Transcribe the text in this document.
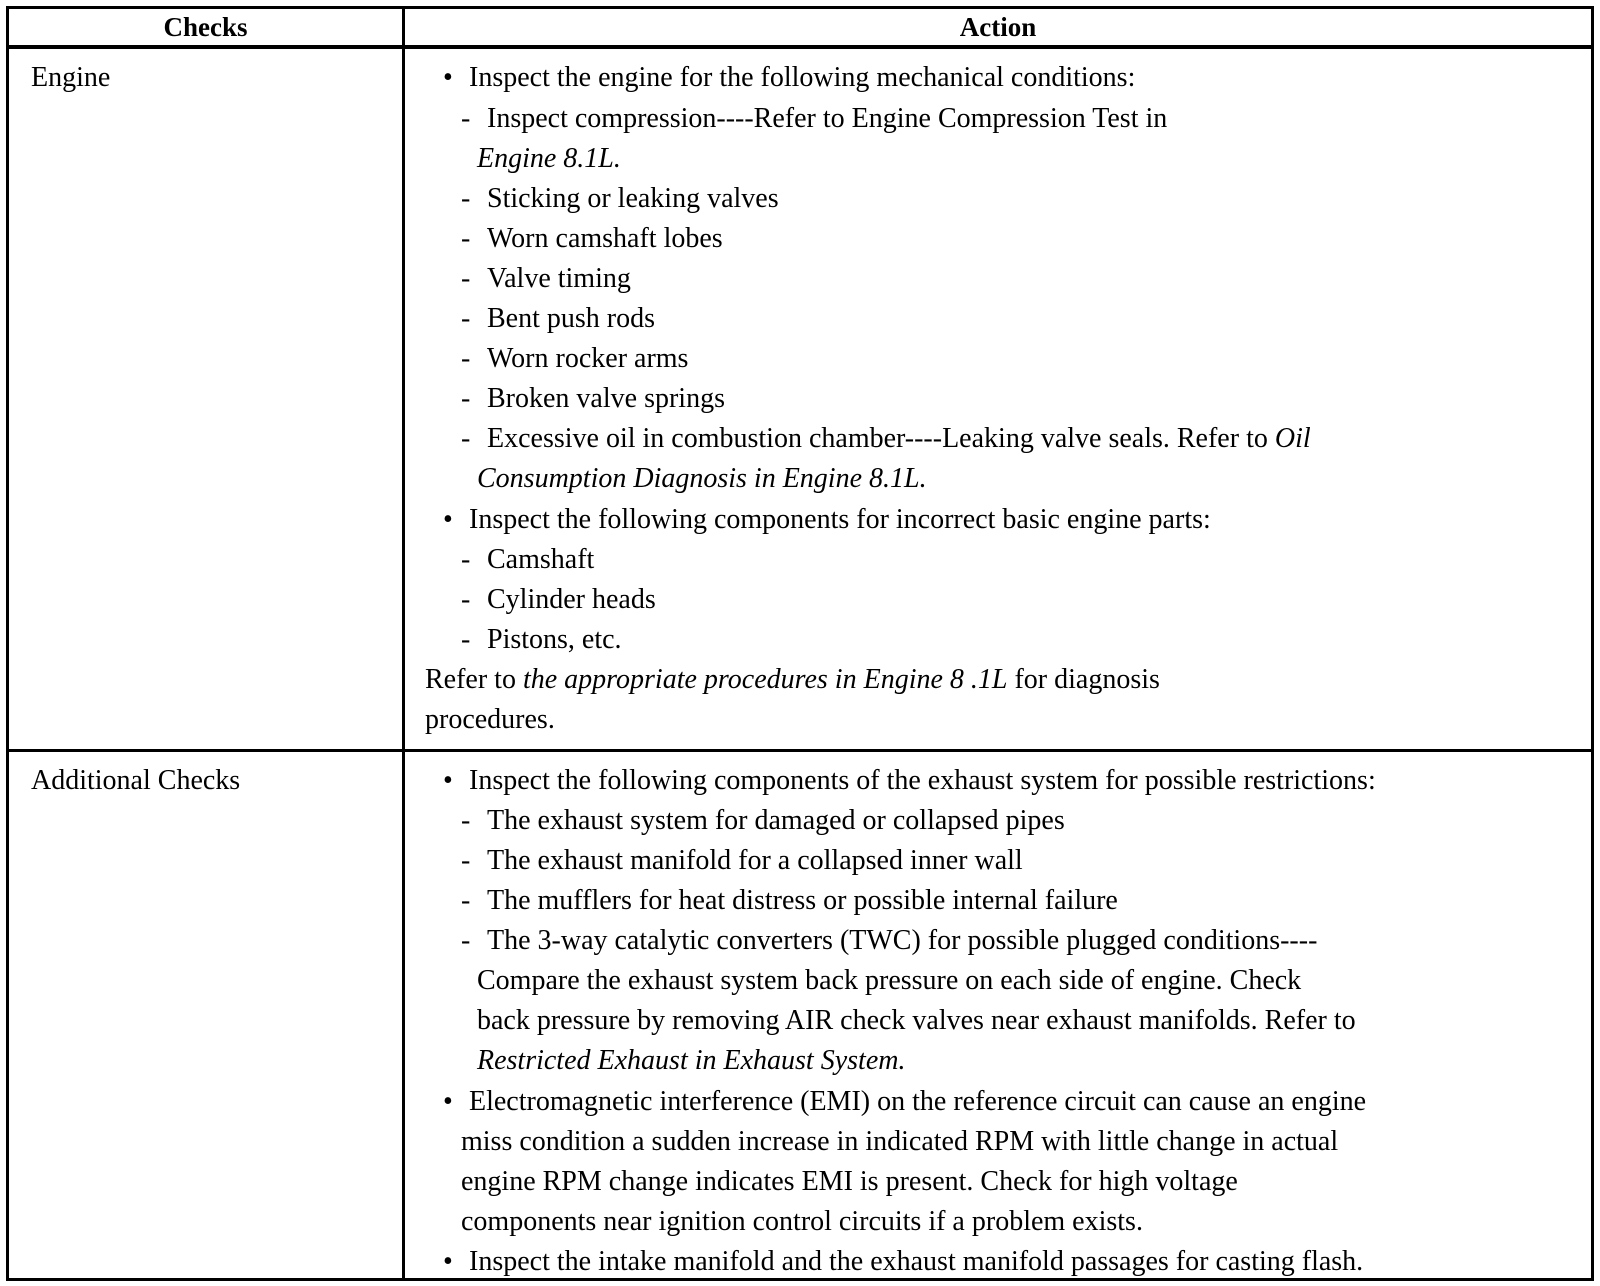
Checks	Action
Engine	• Inspect the engine for the following mechanical conditions:
- Inspect compression----Refer to Engine Compression Test in
Engine 8.1L.
- Sticking or leaking valves
- Worn camshaft lobes
- Valve timing
- Bent push rods
- Worn rocker arms
- Broken valve springs
- Excessive oil in combustion chamber----Leaking valve seals. Refer to Oil
Consumption Diagnosis in Engine 8.1L.
• Inspect the following components for incorrect basic engine parts:
- Camshaft
- Cylinder heads
- Pistons, etc.
Refer to the appropriate procedures in Engine 8 .1L for diagnosis
procedures.
Additional Checks	• Inspect the following components of the exhaust system for possible restrictions:
- The exhaust system for damaged or collapsed pipes
- The exhaust manifold for a collapsed inner wall
- The mufflers for heat distress or possible internal failure
- The 3-way catalytic converters (TWC) for possible plugged conditions----
Compare the exhaust system back pressure on each side of engine. Check
back pressure by removing AIR check valves near exhaust manifolds. Refer to
Restricted Exhaust in Exhaust System.
• Electromagnetic interference (EMI) on the reference circuit can cause an engine
miss condition a sudden increase in indicated RPM with little change in actual
engine RPM change indicates EMI is present. Check for high voltage
components near ignition control circuits if a problem exists.
• Inspect the intake manifold and the exhaust manifold passages for casting flash.
